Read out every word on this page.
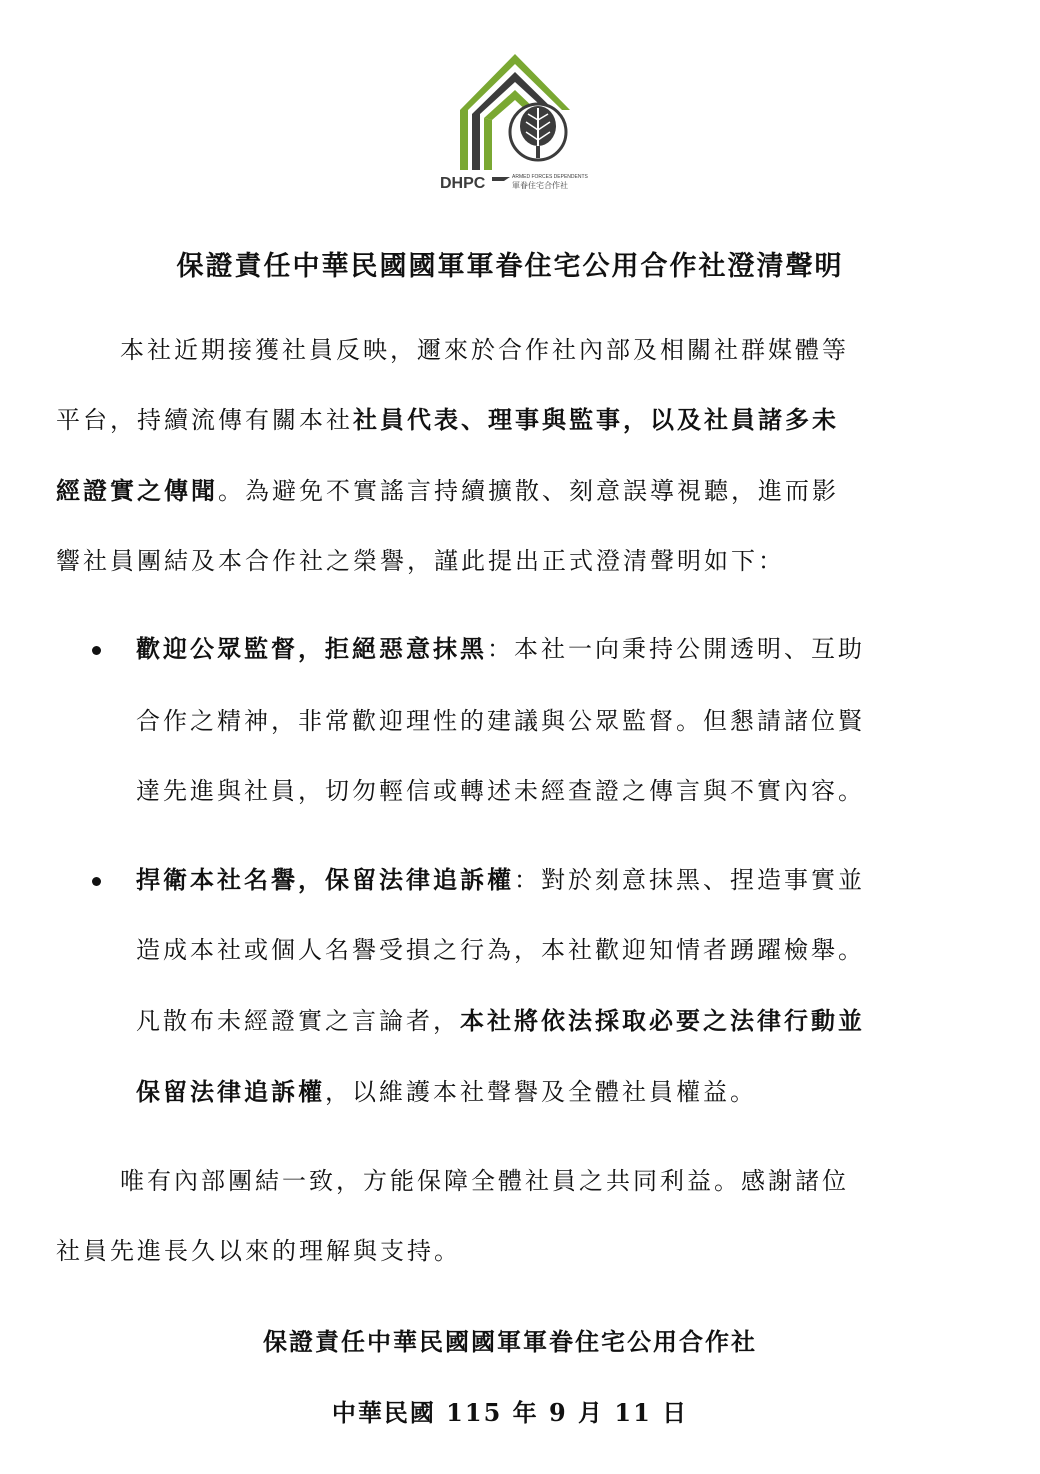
DHPC	ARMED FORCES DEPENDENTS
軍眷住宅合作社
保證責任中華民國國軍軍眷住宅公用合作社澄清聲明
本社近期接獲社員反映，邇來於合作社內部及相關社群媒體等
平台，持續流傳有關本社社員代表、理事與監事，以及社員諸多未
經證實之傳聞。為避免不實謠言持續擴散、刻意誤導視聽，進而影
響社員團結及本合作社之榮譽，謹此提出正式澄清聲明如下：
歡迎公眾監督，拒絕惡意抹黑：本社一向秉持公開透明、互助
合作之精神，非常歡迎理性的建議與公眾監督。但懇請諸位賢
達先進與社員，切勿輕信或轉述未經查證之傳言與不實內容。
捍衛本社名譽，保留法律追訴權：對於刻意抹黑、捏造事實並
造成本社或個人名譽受損之行為，本社歡迎知情者踴躍檢舉。
凡散布未經證實之言論者，本社將依法採取必要之法律行動並
保留法律追訴權，以維護本社聲譽及全體社員權益。
唯有內部團結一致，方能保障全體社員之共同利益。感謝諸位
社員先進長久以來的理解與支持。
保證責任中華民國國軍軍眷住宅公用合作社
中華民國 115 年 9 月 11 日
